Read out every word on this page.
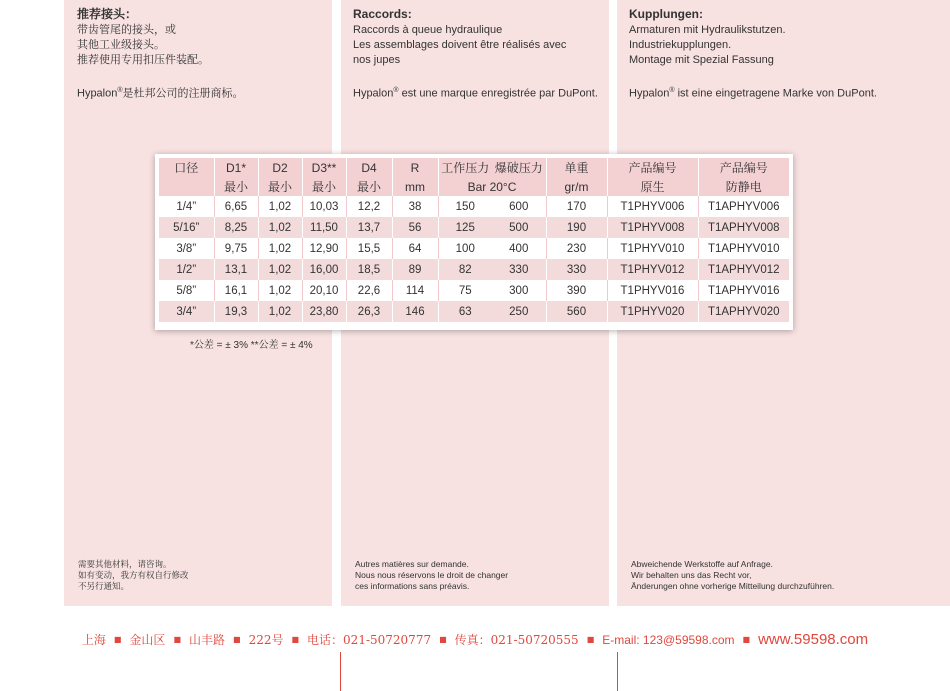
推荐接头：
带齿管尾的接头，或
其他工业级接头。
推荐使用专用扣压件装配。
Hypalon®是杜邦公司的注册商标。
Raccords:
Raccords à queue hydraulique
Les assemblages doivent être réalisés avec
nos jupes
Hypalon® est une marque enregistrée par DuPont.
Kupplungen:
Armaturen mit Hydraulikstutzen.
Industriekupplungen.
Montage mit Spezial Fassung
Hypalon® ist eine eingetragene Marke von DuPont.
口径	D1*	D2	D3**	D4	R	工作压力	爆破压力	单重	产品编号	产品编号
	最小	最小	最小	最小	mm	Bar 20°C		gr/m	原生	防静电
1/4”	6,65	1,02	10,03	12,2	38	150	600	170	T1PHYV006	T1APHYV006
5/16”	8,25	1,02	11,50	13,7	56	125	500	190	T1PHYV008	T1APHYV008
3/8”	9,75	1,02	12,90	15,5	64	100	400	230	T1PHYV010	T1APHYV010
1/2”	13,1	1,02	16,00	18,5	89	82	330	330	T1PHYV012	T1APHYV012
5/8”	16,1	1,02	20,10	22,6	114	75	300	390	T1PHYV016	T1APHYV016
3/4”	19,3	1,02	23,80	26,3	146	63	250	560	T1PHYV020	T1APHYV020
*公差 = ± 3% **公差 = ± 4%
需要其他材料，请咨询。
如有变动，我方有权自行修改
不另行通知。
Autres matières sur demande.
Nous nous réservons le droit de changer
ces informations sans préavis.
Abweichende Werkstoffe auf Anfrage.
Wir behalten uns das Recht vor,
Änderungen ohne vorherige Mitteilung durchzuführen.
上海 ■ 金山区 ■ 山丰路 ■ 222号 ■ 电话：021-50720777 ■ 传真：021-50720555 ■ E-mail: 123@59598.com ■ www.59598.com
